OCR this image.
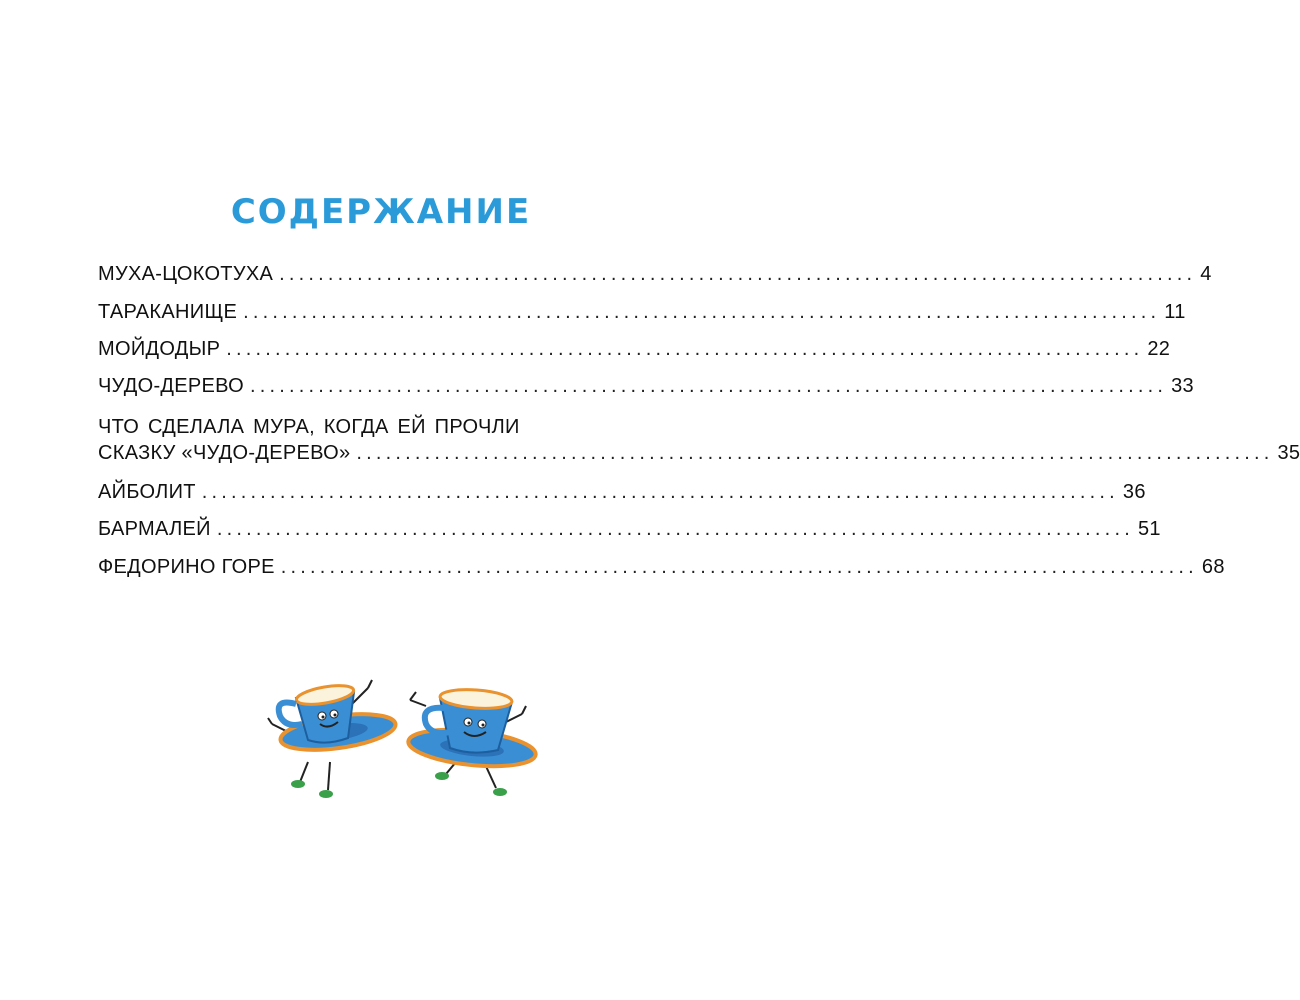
СОДЕРЖАНИЕ
МУХА-ЦОКОТУХА .............................................................................................. 4
ТАРАКАНИЩЕ .............................................................................................. 11
МОЙДОДЫР .............................................................................................. 22
ЧУДО-ДЕРЕВО .............................................................................................. 33
ЧТО СДЕЛАЛА МУРА, КОГДА ЕЙ ПРОЧЛИ
СКАЗКУ «ЧУДО-ДЕРЕВО» .............................................................................................. 35
АЙБОЛИТ .............................................................................................. 36
БАРМАЛЕЙ .............................................................................................. 51
ФЕДОРИНО ГОРЕ .............................................................................................. 68
